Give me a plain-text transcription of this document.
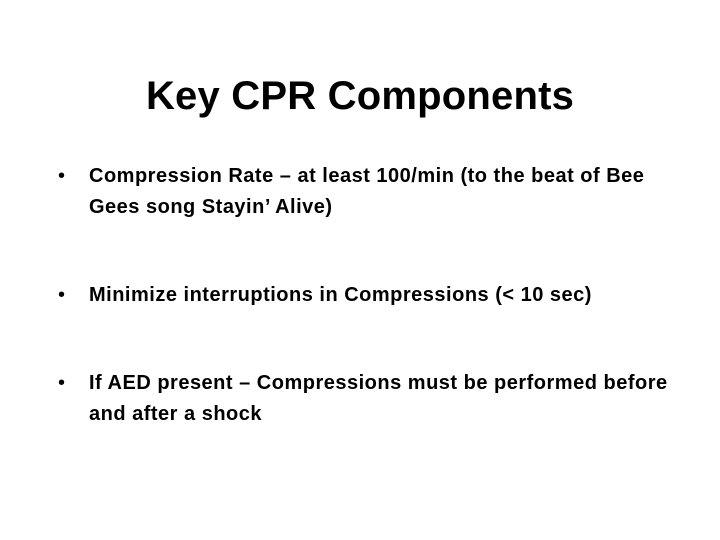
Key CPR Components
•	Compression Rate – at least 100/min (to the beat of Bee Gees song Stayin’ Alive)
•	Minimize interruptions in Compressions (< 10 sec)
•	If AED present – Compressions must be performed before and after a shock
